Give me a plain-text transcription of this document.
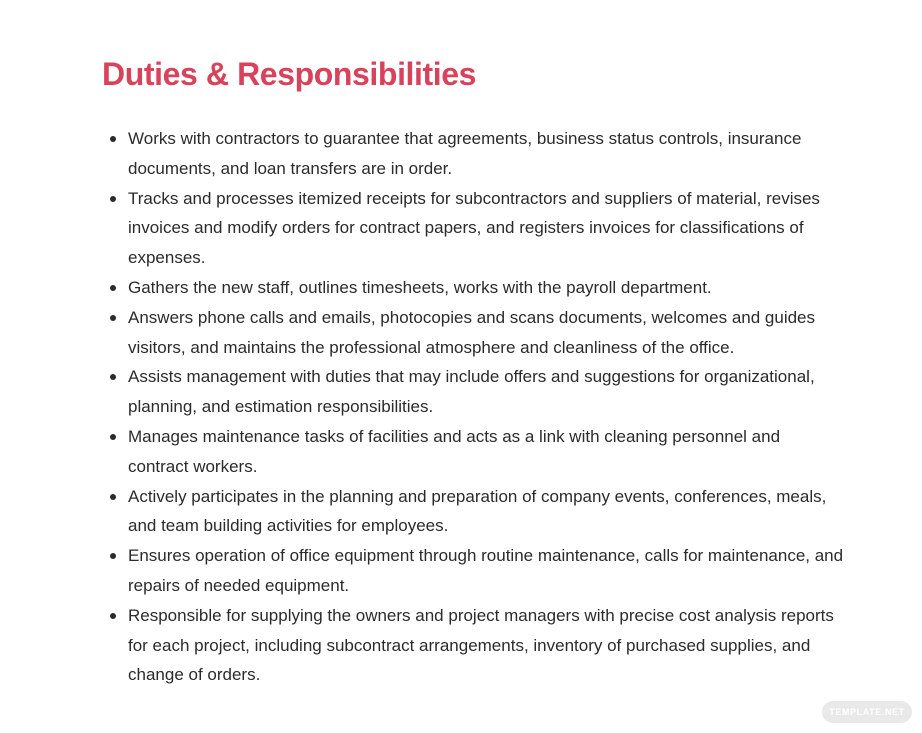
Duties & Responsibilities
Works with contractors to guarantee that agreements, business status controls, insurance documents, and loan transfers are in order.
Tracks and processes itemized receipts for subcontractors and suppliers of material, revises invoices and modify orders for contract papers, and registers invoices for classifications of expenses.
Gathers the new staff, outlines timesheets, works with the payroll department.
Answers phone calls and emails, photocopies and scans documents, welcomes and guides visitors, and maintains the professional atmosphere and cleanliness of the office.
Assists management with duties that may include offers and suggestions for organizational, planning, and estimation responsibilities.
Manages maintenance tasks of facilities and acts as a link with cleaning personnel and contract workers.
Actively participates in the planning and preparation of company events, conferences, meals, and team building activities for employees.
Ensures operation of office equipment through routine maintenance, calls for maintenance, and repairs of needed equipment.
Responsible for supplying the owners and project managers with precise cost analysis reports for each project, including subcontract arrangements, inventory of purchased supplies, and change of orders.
TEMPLATE.NET
